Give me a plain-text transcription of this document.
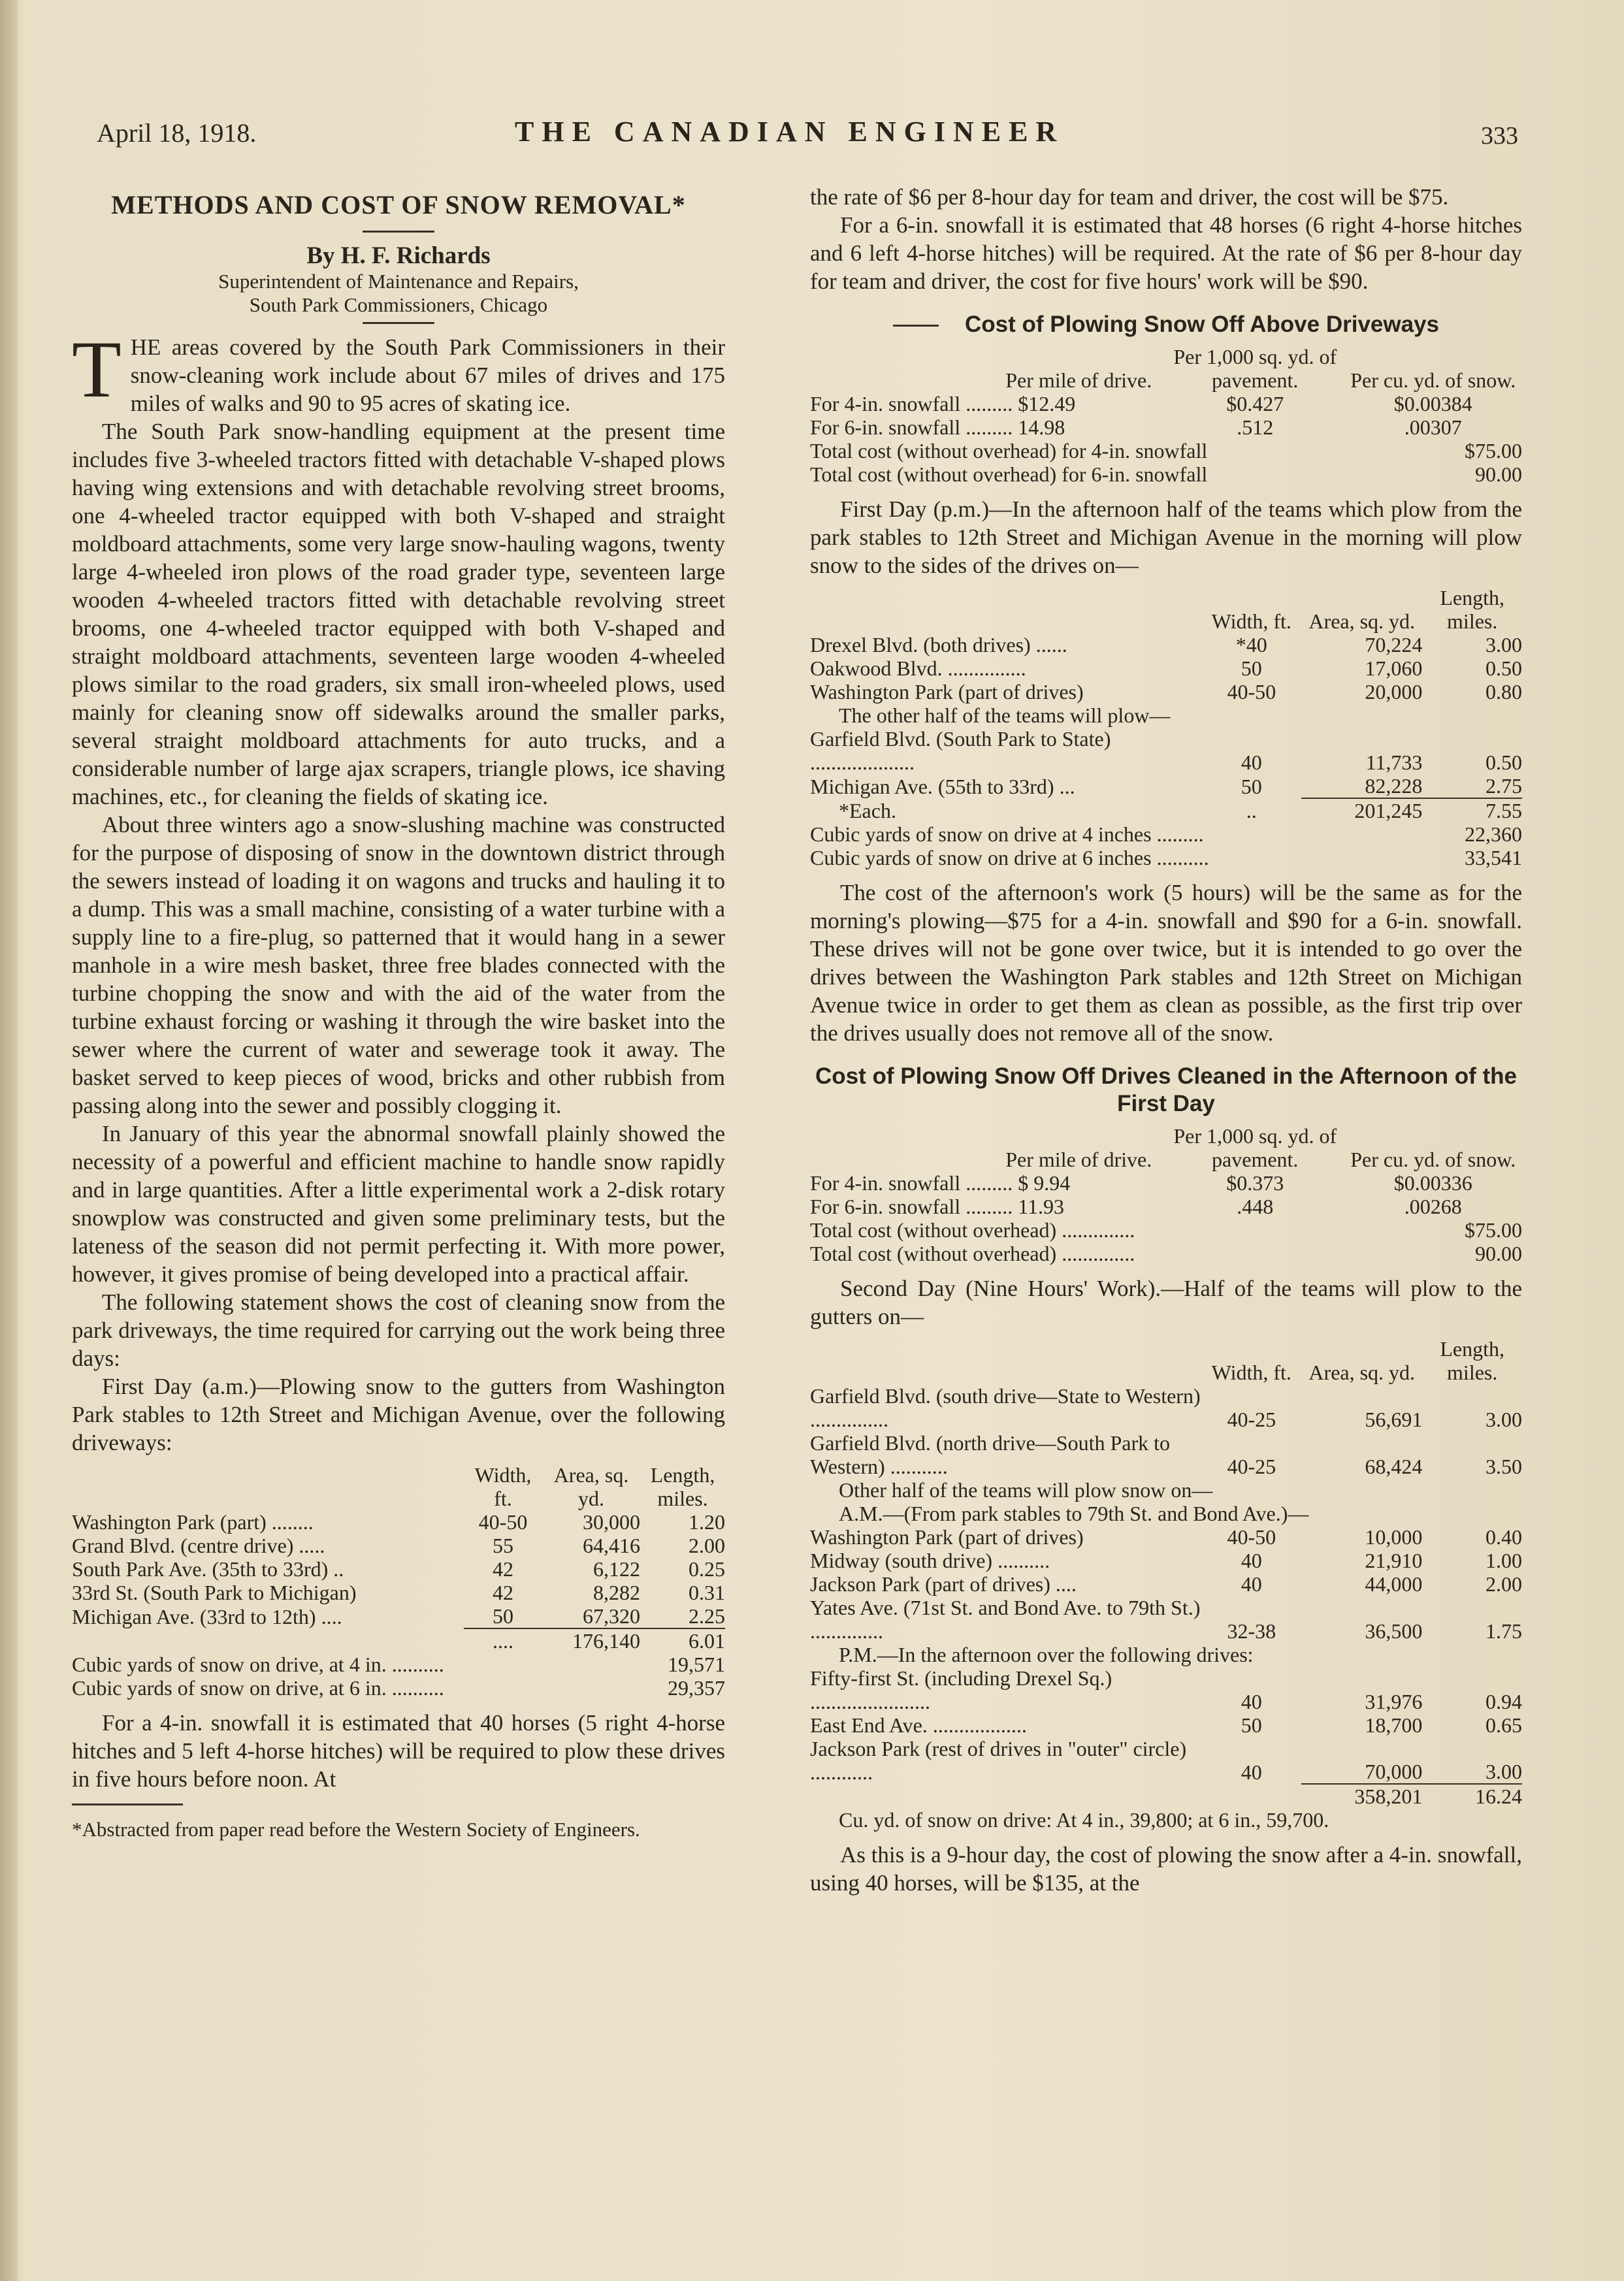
April 18, 1918.	THE CANADIAN ENGINEER	333
METHODS AND COST OF SNOW REMOVAL*
By H. F. Richards
Superintendent of Maintenance and Repairs,
South Park Commissioners, Chicago

THE areas covered by the South Park Commissioners in their snow-cleaning work include about 67 miles of drives and 175 miles of walks and 90 to 95 acres of skating ice.

The South Park snow-handling equipment at the present time includes five 3-wheeled tractors fitted with detachable V-shaped plows having wing extensions and with detachable revolving street brooms, one 4-wheeled tractor equipped with both V-shaped and straight moldboard attachments, some very large snow-hauling wagons, twenty large 4-wheeled iron plows of the road grader type, seventeen large wooden 4-wheeled tractors fitted with detachable revolving street brooms, one 4-wheeled tractor equipped with both V-shaped and straight moldboard attachments, seventeen large wooden 4-wheeled plows similar to the road graders, six small iron-wheeled plows, used mainly for cleaning snow off sidewalks around the smaller parks, several straight moldboard attachments for auto trucks, and a considerable number of large ajax scrapers, triangle plows, ice shaving machines, etc., for cleaning the fields of skating ice.

About three winters ago a snow-slushing machine was constructed for the purpose of disposing of snow in the downtown district through the sewers instead of loading it on wagons and trucks and hauling it to a dump. This was a small machine, consisting of a water turbine with a supply line to a fire-plug, so patterned that it would hang in a sewer manhole in a wire mesh basket, three free blades connected with the turbine chopping the snow and with the aid of the water from the turbine exhaust forcing or washing it through the wire basket into the sewer where the current of water and sewerage took it away. The basket served to keep pieces of wood, bricks and other rubbish from passing along into the sewer and possibly clogging it.

In January of this year the abnormal snowfall plainly showed the necessity of a powerful and efficient machine to handle snow rapidly and in large quantities. After a little experimental work a 2-disk rotary snowplow was constructed and given some preliminary tests, but the lateness of the season did not permit perfecting it. With more power, however, it gives promise of being developed into a practical affair.

The following statement shows the cost of cleaning snow from the park driveways, the time required for carrying out the work being three days:

First Day (a.m.)—Plowing snow to the gutters from Washington Park stables to 12th Street and Michigan Avenue, over the following driveways:

	Width, ft.	Area, sq. yd.	Length, miles.
Washington Park (part) ........	40-50	30,000	1.20
Grand Blvd. (centre drive) .....	55	64,416	2.00
South Park Ave. (35th to 33rd) ..	42	6,122	0.25
33rd St. (South Park to Michigan)	42	8,282	0.31
Michigan Ave. (33rd to 12th) ....	50	67,320	2.25
	....	176,140	6.01
Cubic yards of snow on drive, at 4 in. ..........			19,571
Cubic yards of snow on drive, at 6 in. ..........			29,357

For a 4-in. snowfall it is estimated that 40 horses (5 right 4-horse hitches and 5 left 4-horse hitches) will be required to plow these drives in five hours before noon. At

*Abstracted from paper read before the Western Society of Engineers.

the rate of $6 per 8-hour day for team and driver, the cost will be $75.

For a 6-in. snowfall it is estimated that 48 horses (6 right 4-horse hitches and 6 left 4-horse hitches) will be required. At the rate of $6 per 8-hour day for team and driver, the cost for five hours' work will be $90.

Cost of Plowing Snow Off Above Driveways
Per mile of drive.		Per 1,000 sq. yd. of pavement.	Per cu. yd. of snow.
For 4-in. snowfall ......... $12.49		$0.427	$0.00384
For 6-in. snowfall ......... 14.98		.512	.00307
Total cost (without overhead) for 4-in. snowfall			$75.00
Total cost (without overhead) for 6-in. snowfall			90.00

First Day (p.m.)—In the afternoon half of the teams which plow from the park stables to 12th Street and Michigan Avenue in the morning will plow snow to the sides of the drives on—

	Width, ft.	Area, sq. yd.	Length, miles.
Drexel Blvd. (both drives) ......	*40	70,224	3.00
Oakwood Blvd. ...............	50	17,060	0.50
Washington Park (part of drives)	40-50	20,000	0.80
The other half of the teams will plow—			
Garfield Blvd. (South Park to State) ....................	40	11,733	0.50
Michigan Ave. (55th to 33rd) ...	50	82,228	2.75
*Each.	..	201,245	7.55
Cubic yards of snow on drive at 4 inches .........			22,360
Cubic yards of snow on drive at 6 inches ..........			33,541

The cost of the afternoon's work (5 hours) will be the same as for the morning's plowing—$75 for a 4-in. snowfall and $90 for a 6-in. snowfall. These drives will not be gone over twice, but it is intended to go over the drives between the Washington Park stables and 12th Street on Michigan Avenue twice in order to get them as clean as possible, as the first trip over the drives usually does not remove all of the snow.

Cost of Plowing Snow Off Drives Cleaned in the Afternoon of the First Day
Per mile of drive.		Per 1,000 sq. yd. of pavement.	Per cu. yd. of snow.
For 4-in. snowfall ......... $ 9.94		$0.373	$0.00336
For 6-in. snowfall ......... 11.93		.448	.00268
Total cost (without overhead) ..............			$75.00
Total cost (without overhead) ..............			90.00

Second Day (Nine Hours' Work).—Half of the teams will plow to the gutters on—

	Width, ft.	Area, sq. yd.	Length, miles.
Garfield Blvd. (south drive—State to Western) ...............	40-25	56,691	3.00
Garfield Blvd. (north drive—South Park to Western) ...........	40-25	68,424	3.50
Other half of the teams will plow snow on—			
A.M.—(From park stables to 79th St. and Bond Ave.)—			
Washington Park (part of drives)	40-50	10,000	0.40
Midway (south drive) ..........	40	21,910	1.00
Jackson Park (part of drives) ....	40	44,000	2.00
Yates Ave. (71st St. and Bond Ave. to 79th St.) ..............	32-38	36,500	1.75
P.M.—In the afternoon over the following drives:			
Fifty-first St. (including Drexel Sq.) .......................	40	31,976	0.94
East End Ave. ..................	50	18,700	0.65
Jackson Park (rest of drives in "outer" circle) ............	40	70,000	3.00
		358,201	16.24
Cu. yd. of snow on drive: At 4 in., 39,800; at 6 in., 59,700.			

As this is a 9-hour day, the cost of plowing the snow after a 4-in. snowfall, using 40 horses, will be $135, at the
